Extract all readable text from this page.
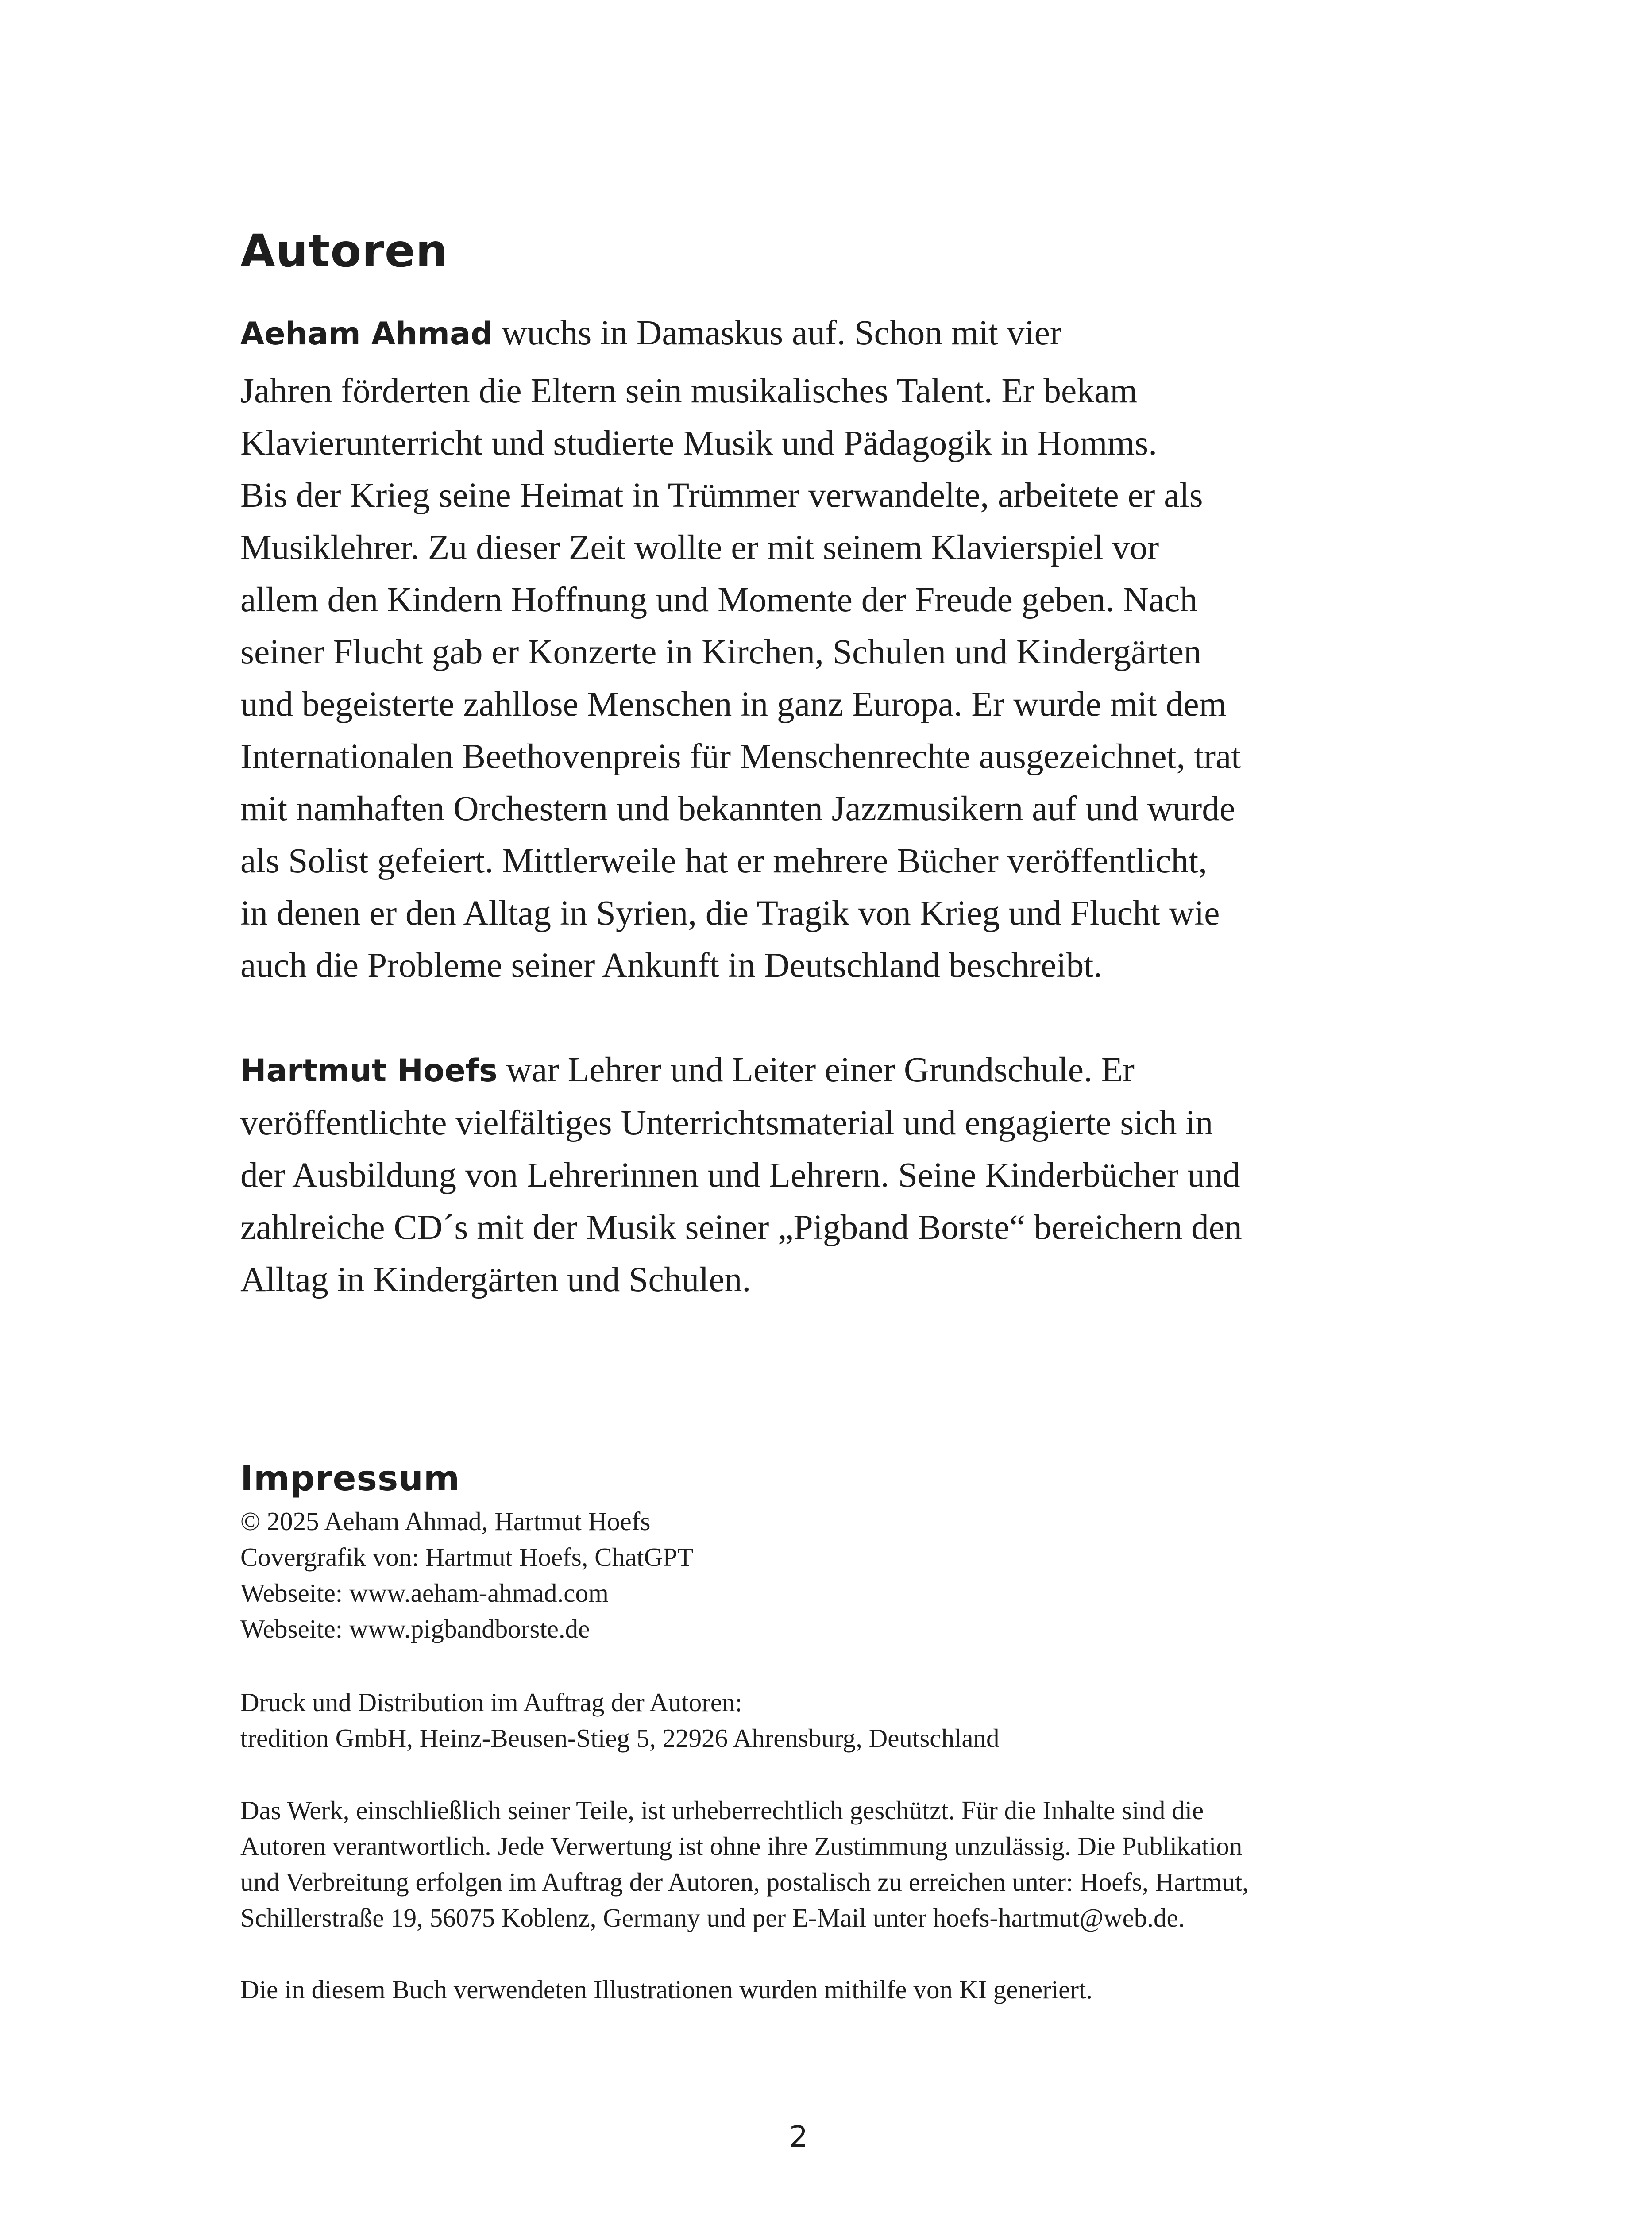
Autoren
Aeham Ahmad wuchs in Damaskus auf. Schon mit vier
Jahren förderten die Eltern sein musikalisches Talent. Er bekam
Klavierunterricht und studierte Musik und Pädagogik in Homms.
Bis der Krieg seine Heimat in Trümmer verwandelte, arbeitete er als
Musiklehrer. Zu dieser Zeit wollte er mit seinem Klavierspiel vor
allem den Kindern Hoffnung und Momente der Freude geben. Nach
seiner Flucht gab er Konzerte in Kirchen, Schulen und Kindergärten
und begeisterte zahllose Menschen in ganz Europa. Er wurde mit dem
Internationalen Beethovenpreis für Menschenrechte ausgezeichnet, trat
mit namhaften Orchestern und bekannten Jazzmusikern auf und wurde
als Solist gefeiert. Mittlerweile hat er mehrere Bücher veröffentlicht,
in denen er den Alltag in Syrien, die Tragik von Krieg und Flucht wie
auch die Probleme seiner Ankunft in Deutschland beschreibt.
Hartmut Hoefs war Lehrer und Leiter einer Grundschule. Er
veröffentlichte vielfältiges Unterrichtsmaterial und engagierte sich in
der Ausbildung von Lehrerinnen und Lehrern. Seine Kinderbücher und
zahlreiche CD´s mit der Musik seiner „Pigband Borste“ bereichern den
Alltag in Kindergärten und Schulen.
Impressum
© 2025 Aeham Ahmad, Hartmut Hoefs
Covergrafik von: Hartmut Hoefs, ChatGPT
Webseite: www.aeham-ahmad.com
Webseite: www.pigbandborste.de
Druck und Distribution im Auftrag der Autoren:
tredition GmbH, Heinz-Beusen-Stieg 5, 22926 Ahrensburg, Deutschland
Das Werk, einschließlich seiner Teile, ist urheberrechtlich geschützt. Für die Inhalte sind die
Autoren verantwortlich. Jede Verwertung ist ohne ihre Zustimmung unzulässig. Die Publikation
und Verbreitung erfolgen im Auftrag der Autoren, postalisch zu erreichen unter: Hoefs, Hartmut,
Schillerstraße 19, 56075 Koblenz, Germany und per E-Mail unter hoefs-hartmut@web.de.
Die in diesem Buch verwendeten Illustrationen wurden mithilfe von KI generiert.
2
